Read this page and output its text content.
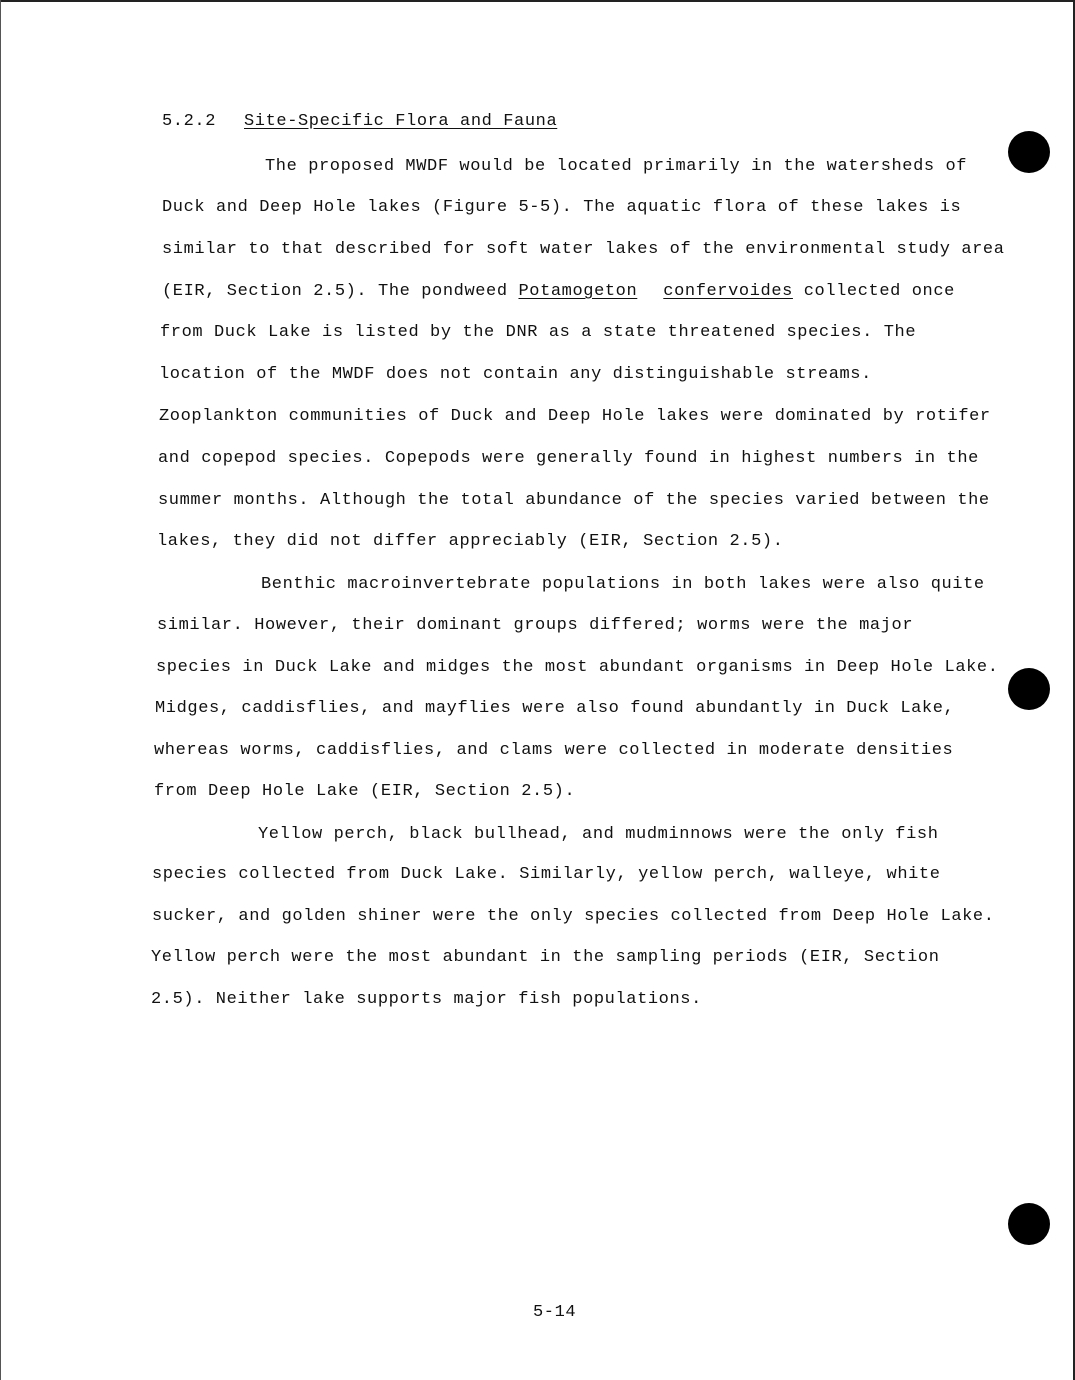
5.2.2 Site-Specific Flora and Fauna
The proposed MWDF would be located primarily in the watersheds of
Duck and Deep Hole lakes (Figure 5-5). The aquatic flora of these lakes is
similar to that described for soft water lakes of the environmental study area
(EIR, Section 2.5). The pondweed Potamogeton confervoides collected once
from Duck Lake is listed by the DNR as a state threatened species. The
location of the MWDF does not contain any distinguishable streams.
Zooplankton communities of Duck and Deep Hole lakes were dominated by rotifer
and copepod species. Copepods were generally found in highest numbers in the
summer months. Although the total abundance of the species varied between the
lakes, they did not differ appreciably (EIR, Section 2.5).
Benthic macroinvertebrate populations in both lakes were also quite
similar. However, their dominant groups differed; worms were the major
species in Duck Lake and midges the most abundant organisms in Deep Hole Lake.
Midges, caddisflies, and mayflies were also found abundantly in Duck Lake,
whereas worms, caddisflies, and clams were collected in moderate densities
from Deep Hole Lake (EIR, Section 2.5).
Yellow perch, black bullhead, and mudminnows were the only fish
species collected from Duck Lake. Similarly, yellow perch, walleye, white
sucker, and golden shiner were the only species collected from Deep Hole Lake.
Yellow perch were the most abundant in the sampling periods (EIR, Section
2.5). Neither lake supports major fish populations.
5-14
